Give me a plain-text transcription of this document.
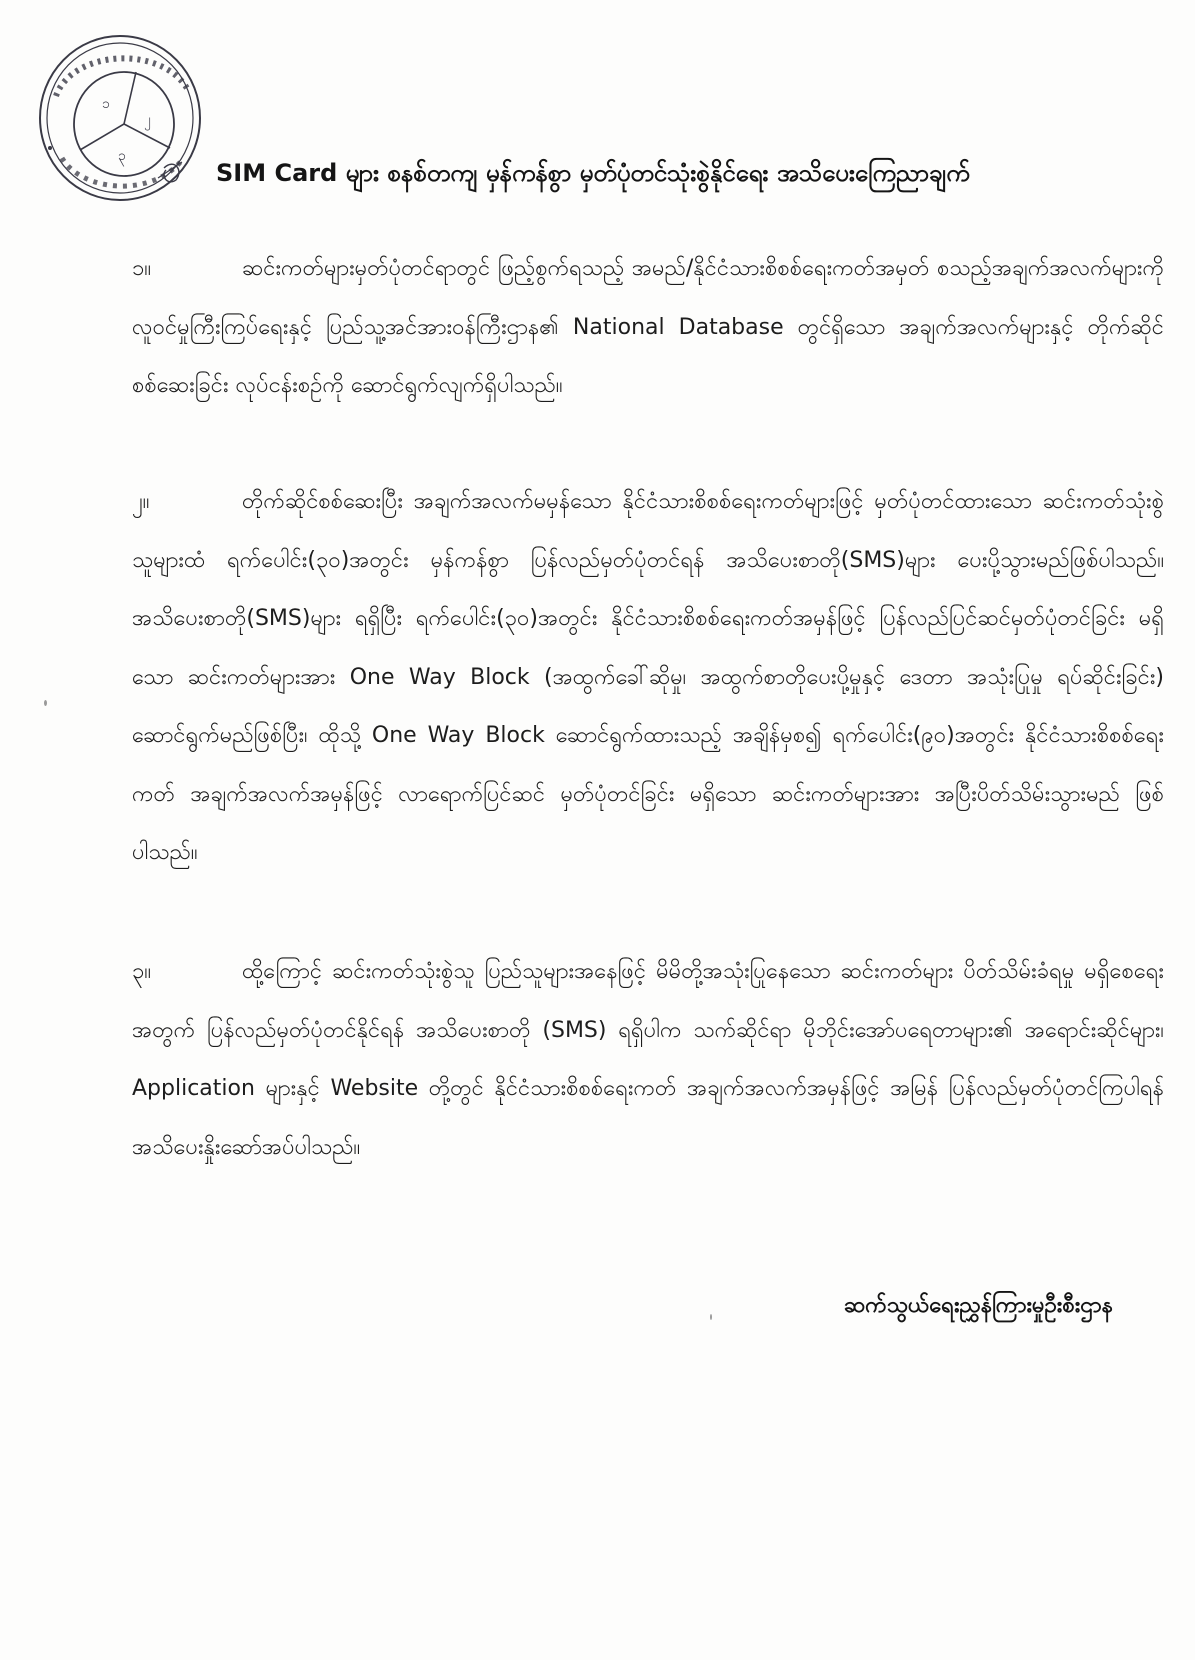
၁
၂
၃
SIM Card များ စနစ်တကျ မှန်ကန်စွာ မှတ်ပုံတင်သုံးစွဲနိုင်ရေး အသိပေးကြေညာချက်
၁။	ဆင်းကတ်များမှတ်ပုံတင်ရာတွင် ဖြည့်စွက်ရသည့် အမည်/နိုင်ငံသားစိစစ်ရေးကတ်အမှတ် စသည့်အချက်အလက်များကို လူဝင်မှုကြီးကြပ်ရေးနှင့် ပြည်သူ့အင်အားဝန်ကြီးဌာန၏ National Database တွင်ရှိသော အချက်အလက်များနှင့် တိုက်ဆိုင်စစ်ဆေးခြင်း လုပ်ငန်းစဉ်ကို ဆောင်ရွက်လျက်ရှိပါသည်။
၂။	တိုက်ဆိုင်စစ်ဆေးပြီး အချက်အလက်မမှန်သော နိုင်ငံသားစိစစ်ရေးကတ်များဖြင့် မှတ်ပုံတင်ထားသော ဆင်းကတ်သုံးစွဲသူများထံ ရက်ပေါင်း(၃၀)အတွင်း မှန်ကန်စွာ ပြန်လည်မှတ်ပုံတင်ရန် အသိပေးစာတို(SMS)များ ပေးပို့သွားမည်ဖြစ်ပါသည်။ အသိပေးစာတို(SMS)များ ရရှိပြီး ရက်ပေါင်း(၃၀)အတွင်း နိုင်ငံသားစိစစ်ရေးကတ်အမှန်ဖြင့် ပြန်လည်ပြင်ဆင်မှတ်ပုံတင်ခြင်း မရှိသော ဆင်းကတ်များအား One Way Block (အထွက်ခေါ်ဆိုမှု၊ အထွက်စာတိုပေးပို့မှုနှင့် ဒေတာ အသုံးပြုမှု ရပ်ဆိုင်းခြင်း) ဆောင်ရွက်မည်ဖြစ်ပြီး၊ ထိုသို့ One Way Block ဆောင်ရွက်ထားသည့် အချိန်မှစ၍ ရက်ပေါင်း(၉၀)အတွင်း နိုင်ငံသားစိစစ်ရေးကတ် အချက်အလက်အမှန်ဖြင့် လာရောက်ပြင်ဆင် မှတ်ပုံတင်ခြင်း မရှိသော ဆင်းကတ်များအား အပြီးပိတ်သိမ်းသွားမည် ဖြစ်ပါသည်။
၃။	ထို့ကြောင့် ဆင်းကတ်သုံးစွဲသူ ပြည်သူများအနေဖြင့် မိမိတို့အသုံးပြုနေသော ဆင်းကတ်များ ပိတ်သိမ်းခံရမှု မရှိစေရေးအတွက် ပြန်လည်မှတ်ပုံတင်နိုင်ရန် အသိပေးစာတို (SMS) ရရှိပါက သက်ဆိုင်ရာ မိုဘိုင်းအော်ပရေတာများ၏ အရောင်းဆိုင်များ၊ Application များနှင့် Website တို့တွင် နိုင်ငံသားစိစစ်ရေးကတ် အချက်အလက်အမှန်ဖြင့် အမြန် ပြန်လည်မှတ်ပုံတင်ကြပါရန် အသိပေးနှိုးဆော်အပ်ပါသည်။
ဆက်သွယ်ရေးညွှန်ကြားမှုဦးစီးဌာန
